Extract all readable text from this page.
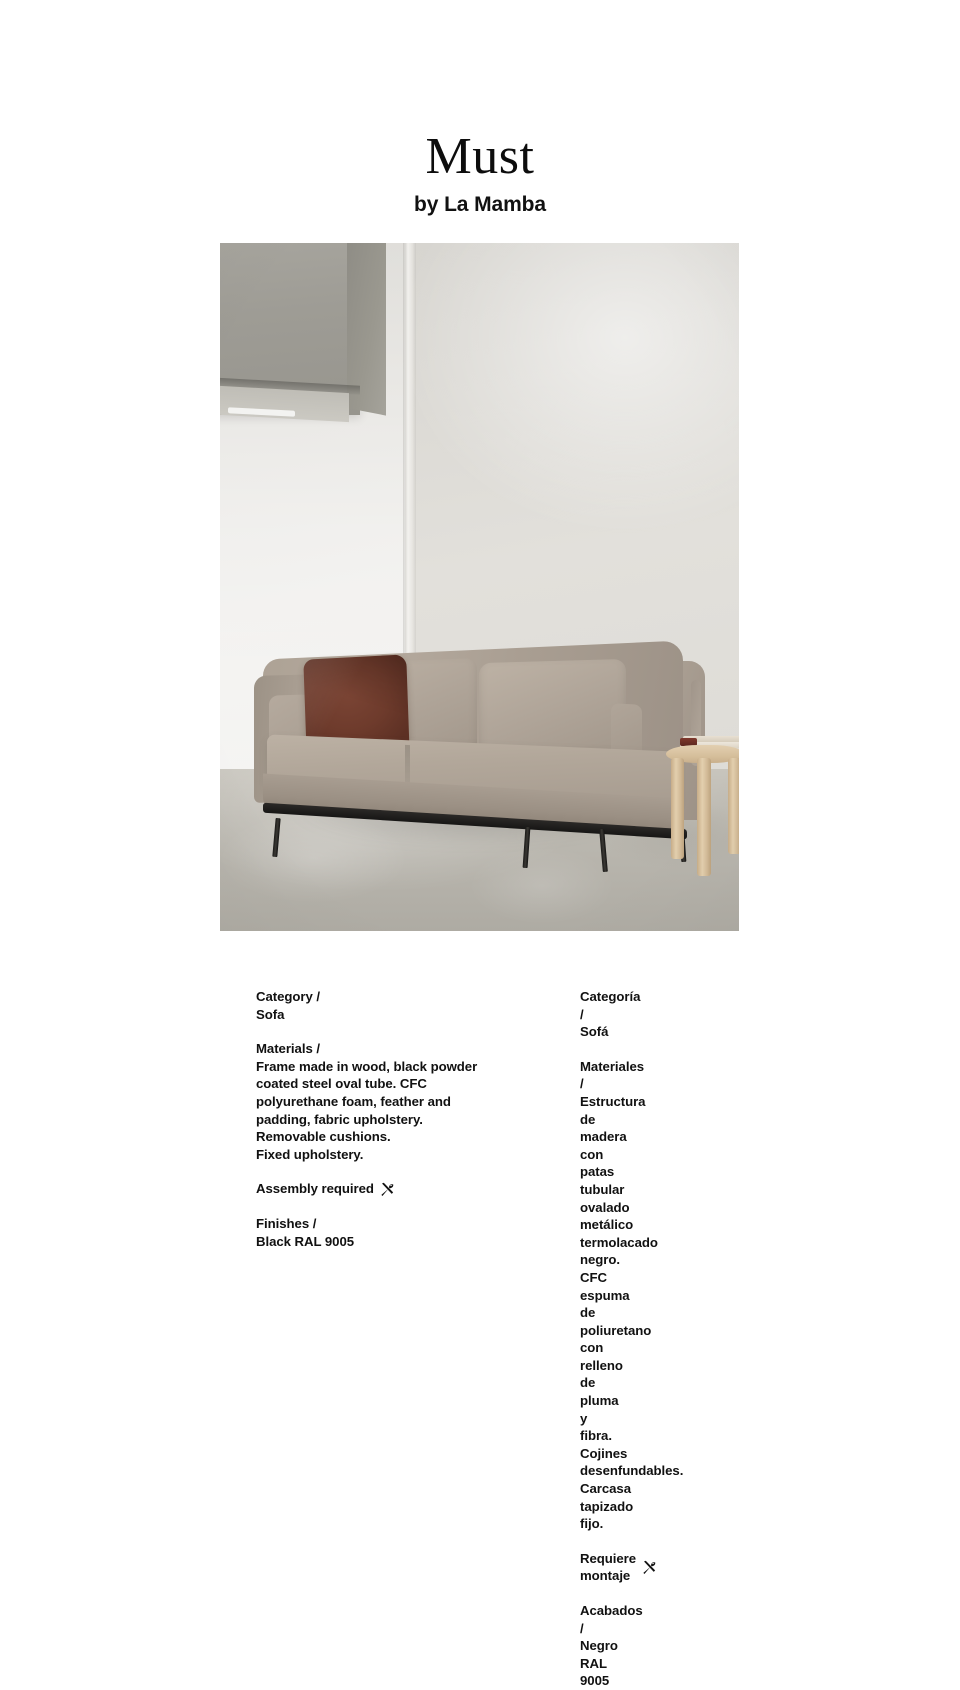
Must

by La Mamba

Category /

Sofa

Materials /

Frame made in wood, black powder coated steel oval tube. CFC polyurethane foam, feather and padding, fabric upholstery.

Removable cushions.

Fixed upholstery.

Assembly required

Finishes /

Black RAL 9005

Categoría /

Sofá

Materiales /

Estructura de madera con patas tubular ovalado metálico termolacado negro.

CFC espuma de poliuretano con relleno de pluma y fibra.

Cojines desenfundables.

Carcasa tapizado fijo.

Requiere montaje

Acabados /

Negro RAL 9005
